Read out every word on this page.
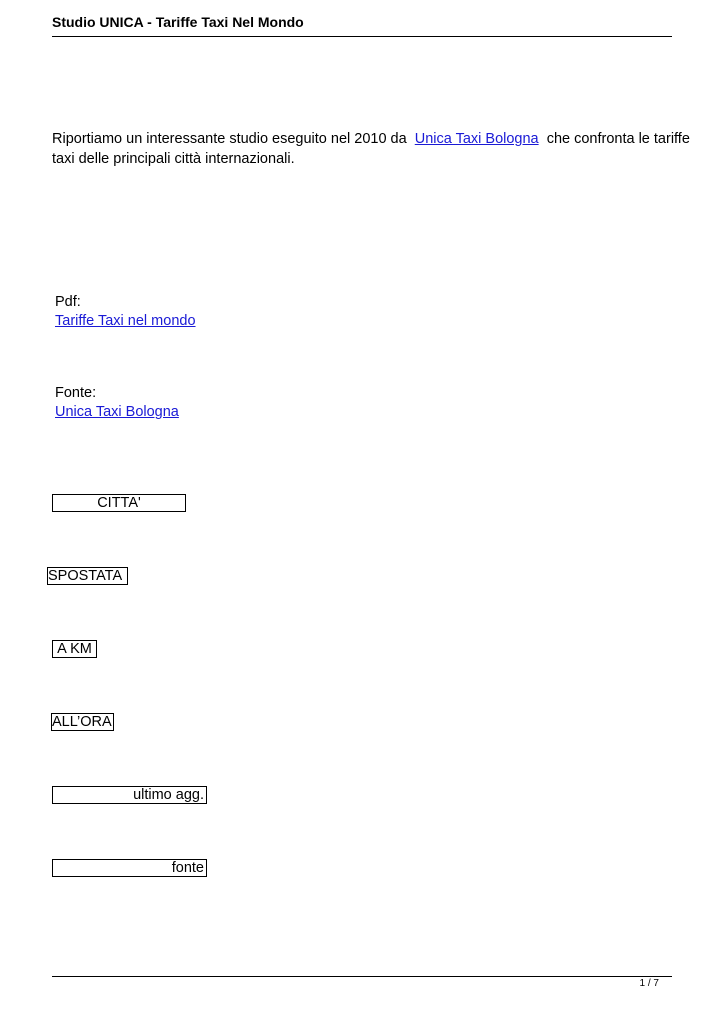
Studio UNICA - Tariffe Taxi Nel Mondo
Riportiamo un interessante studio eseguito nel 2010 da Unica Taxi Bologna che confronta le tariffe taxi delle principali città internazionali.
Pdf:
Tariffe Taxi nel mondo
Fonte:
Unica Taxi Bologna
CITTA'
SPOSTATA
A KM
ALL’ORA
ultimo agg.
fonte
1 / 7
